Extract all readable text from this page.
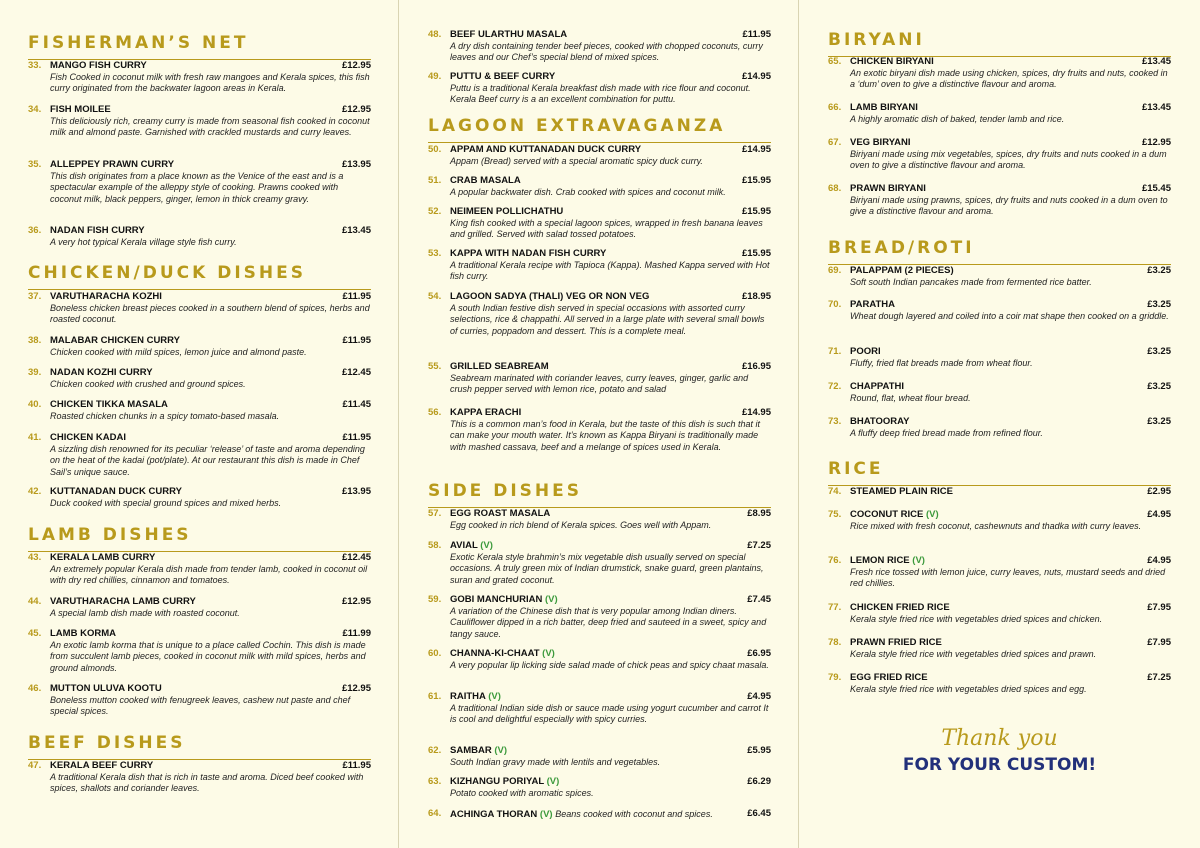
FISHERMAN’S NET
33. MANGO FISH CURRY	£12.95
Fish Cooked in coconut milk with fresh raw mangoes and Kerala spices, this fish curry originated from the backwater lagoon areas in Kerala.
34. FISH MOILEE	£12.95
This deliciously rich, creamy curry is made from seasonal fish cooked in coconut milk and almond paste. Garnished with crackled mustards and curry leaves.
35. ALLEPPEY PRAWN CURRY	£13.95
This dish originates from a place known as the Venice of the east and is a spectacular example of the alleppy style of cooking. Prawns cooked with coconut milk, black peppers, ginger, lemon in thick creamy gravy.
36. NADAN FISH CURRY	£13.45
A very hot typical Kerala village style fish curry.
CHICKEN/DUCK DISHES
37. VARUTHARACHA KOZHI	£11.95
Boneless chicken breast pieces cooked in a southern blend of spices, herbs and roasted coconut.
38. MALABAR CHICKEN CURRY	£11.95
Chicken cooked with mild spices, lemon juice and almond paste.
39. NADAN KOZHI CURRY	£12.45
Chicken cooked with crushed and ground spices.
40. CHICKEN TIKKA MASALA	£11.45
Roasted chicken chunks in a spicy tomato-based masala.
41. CHICKEN KADAI	£11.95
A sizzling dish renowned for its peculiar ‘release’ of taste and aroma depending on the heat of the kadai (pot/plate). At our restaurant this dish is made in Chef Sail’s unique sauce.
42. KUTTANADAN DUCK CURRY	£13.95
Duck cooked with special ground spices and mixed herbs.
LAMB DISHES
43. KERALA LAMB CURRY	£12.45
An extremely popular Kerala dish made from tender lamb, cooked in coconut oil with dry red chillies, cinnamon and tomatoes.
44. VARUTHARACHA LAMB CURRY	£12.95
A special lamb dish made with roasted coconut.
45. LAMB KORMA	£11.99
An exotic lamb korma that is unique to a place called Cochin. This dish is made from succulent lamb pieces, cooked in coconut milk with mild spices, herbs and ground almonds.
46. MUTTON ULUVA KOOTU	£12.95
Boneless mutton cooked with fenugreek leaves, cashew nut paste and chef special spices.
BEEF DISHES
47. KERALA BEEF CURRY	£11.95
A traditional Kerala dish that is rich in taste and aroma. Diced beef cooked with spices, shallots and coriander leaves.
48. BEEF ULARTHU MASALA	£11.95
A dry dish containing tender beef pieces, cooked with chopped coconuts, curry leaves and our Chef’s special blend of mixed spices.
49. PUTTU & BEEF CURRY	£14.95
Puttu is a traditional Kerala breakfast dish made with rice flour and coconut. Kerala Beef curry is a an excellent combination for puttu.
LAGOON EXTRAVAGANZA
50. APPAM AND KUTTANADAN DUCK CURRY	£14.95
Appam (Bread) served with a special aromatic spicy duck curry.
51. CRAB MASALA	£15.95
A popular backwater dish. Crab cooked with spices and coconut milk.
52. NEIMEEN POLLICHATHU	£15.95
King fish cooked with a special lagoon spices, wrapped in fresh banana leaves and grilled. Served with salad tossed potatoes.
53. KAPPA WITH NADAN FISH CURRY	£15.95
A traditional Kerala recipe with Tapioca (Kappa). Mashed Kappa served with Hot fish curry.
54. LAGOON SADYA (THALI) VEG OR NON VEG	£18.95
A south Indian festive dish served in special occasions with assorted curry selections, rice & chappathi. All served in a large plate with several small bowls of curries, poppadom and dessert. This is a complete meal.
55. GRILLED SEABREAM	£16.95
Seabream marinated with coriander leaves, curry leaves, ginger, garlic and crush pepper served with lemon rice, potato and salad
56. KAPPA ERACHI	£14.95
This is a common man’s food in Kerala, but the taste of this dish is such that it can make your mouth water. It’s known as Kappa Biryani is traditionally made with mashed cassava, beef and a melange of spices used in Kerala.
SIDE DISHES
57. EGG ROAST MASALA	£8.95
Egg cooked in rich blend of Kerala spices. Goes well with Appam.
58. AVIAL (V)	£7.25
Exotic Kerala style brahmin’s mix vegetable dish usually served on special occasions. A truly green mix of Indian drumstick, snake guard, green plantains, suran and grated coconut.
59. GOBI MANCHURIAN (V)	£7.45
A variation of the Chinese dish that is very popular among Indian diners. Cauliflower dipped in a rich batter, deep fried and sauteed in a sweet, spicy and tangy sauce.
60. CHANNA-KI-CHAAT (V)	£6.95
A very popular lip licking side salad made of chick peas and spicy chaat masala.
61. RAITHA (V)	£4.95
A traditional Indian side dish or sauce made using yogurt cucumber and carrot It is cool and delightful especially with spicy curries.
62. SAMBAR (V)	£5.95
South Indian gravy made with lentils and vegetables.
63. KIZHANGU PORIYAL (V)	£6.29
Potato cooked with aromatic spices.
64. ACHINGA THORAN (V) Beans cooked with coconut and spices.	£6.45
BIRYANI
65. CHICKEN BIRYANI	£13.45
An exotic biryani dish made using chicken, spices, dry fruits and nuts, cooked in a ‘dum’ oven to give a distinctive flavour and aroma.
66. LAMB BIRYANI	£13.45
A highly aromatic dish of baked, tender lamb and rice.
67. VEG BIRYANI	£12.95
Biriyani made using mix vegetables, spices, dry fruits and nuts cooked in a dum oven to give a distinctive flavour and aroma.
68. PRAWN BIRYANI	£15.45
Biriyani made using prawns, spices, dry fruits and nuts cooked in a dum oven to give a distinctive flavour and aroma.
BREAD/ROTI
69. PALAPPAM (2 PIECES)	£3.25
Soft south Indian pancakes made from fermented rice batter.
70. PARATHA	£3.25
Wheat dough layered and coiled into a coir mat shape then cooked on a griddle.
71. POORI	£3.25
Fluffy, fried flat breads made from wheat flour.
72. CHAPPATHI	£3.25
Round, flat, wheat flour bread.
73. BHATOORAY	£3.25
A fluffy deep fried bread made from refined flour.
RICE
74. STEAMED PLAIN RICE	£2.95
75. COCONUT RICE (V)	£4.95
Rice mixed with fresh coconut, cashewnuts and thadka with curry leaves.
76. LEMON RICE (V)	£4.95
Fresh rice tossed with lemon juice, curry leaves, nuts, mustard seeds and dried red chillies.
77. CHICKEN FRIED RICE	£7.95
Kerala style fried rice with vegetables dried spices and chicken.
78. PRAWN FRIED RICE	£7.95
Kerala style fried rice with vegetables dried spices and prawn.
79. EGG FRIED RICE	£7.25
Kerala style fried rice with vegetables dried spices and egg.
Thank you
FOR YOUR CUSTOM!
